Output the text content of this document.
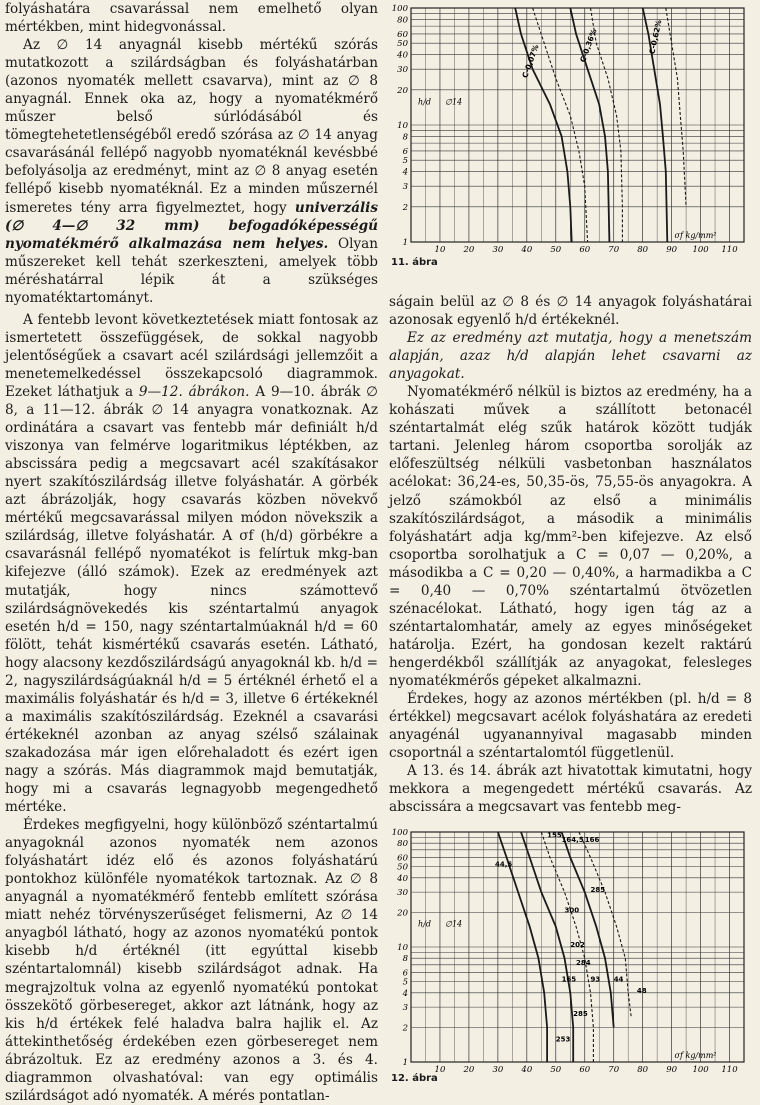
folyáshatára csavarással nem emelhető olyan mértékben, mint hidegvonással.

Az ∅ 14 anyagnál kisebb mértékű szórás mutatkozott a szilárdságban és folyáshatárban (azonos nyomaték mellett csavarva), mint az ∅ 8 anyagnál. Ennek oka az, hogy a nyomatékmérő műszer belső súrlódásából és tömegtehetetlenségéből eredő szórása az ∅ 14 anyag csavarásánál fellépő nagyobb nyomatéknál kevésbbé befolyásolja az eredményt, mint az ∅ 8 anyag esetén fellépő kisebb nyomatéknál. Ez a minden műszernél ismeretes tény arra figyelmeztet, hogy univerzális (∅ 4—∅ 32 mm) befogadóképességű nyomatékmérő alkalmazása nem helyes. Olyan műszereket kell tehát szerkeszteni, amelyek több méréshatárral lépik át a szükséges nyomatéktartományt.

A fentebb levont következtetések miatt fontosak az ismertetett összefüggések, de sokkal nagyobb jelentőségűek a csavart acél szilárdsági jellemzőit a menetemelkedéssel összekapcsoló diagrammok. Ezeket láthatjuk a 9—12. ábrákon. A 9—10. ábrák ∅ 8, a 11—12. ábrák ∅ 14 anyagra vonatkoznak. Az ordinátára a csavart vas fentebb már definiált h/d viszonya van felmérve logaritmikus léptékben, az abscissára pedig a megcsavart acél szakításakor nyert szakítószilárdság illetve folyáshatár. A görbék azt ábrázolják, hogy csavarás közben növekvő mértékű megcsavarással milyen módon növekszik a szilárdság, illetve folyáshatár. A σf (h/d) görbékre a csavarásnál fellépő nyomatékot is felírtuk mkg-ban kifejezve (álló számok). Ezek az eredmények azt mutatják, hogy nincs számottevő szilárdságnövekedés kis széntartalmú anyagok esetén h/d = 150, nagy széntartalmúaknál h/d = 60 fölött, tehát kismértékű csavarás esetén. Látható, hogy alacsony kezdőszilárdságú anyagoknál kb. h/d = 2, nagyszilárdságúaknál h/d = 5 értéknél érhető el a maximális folyáshatár és h/d = 3, illetve 6 értékeknél a maximális szakítószilárdság. Ezeknél a csavarási értékeknél azonban az anyag szélső szálainak szakadozása már igen előrehaladott és ezért igen nagy a szórás. Más diagrammok majd bemutatják, hogy mi a csavarás legnagyobb megengedhető mértéke.

Érdekes megfigyelni, hogy különböző széntartalmú anyagoknál azonos nyomaték nem azonos folyáshatárt idéz elő és azonos folyáshatárú pontokhoz különféle nyomatékok tartoznak. Az ∅ 8 anyagnál a nyomatékmérő fentebb említett szórása miatt nehéz törvényszerűséget felismerni, Az ∅ 14 anyagból látható, hogy az azonos nyomatékú pontok kisebb h/d értéknél (itt egyúttal kisebb széntartalomnál) kisebb szilárdságot adnak. Ha megrajzoltuk volna az egyenlő nyomatékú pontokat összekötő görbesereget, akkor azt látnánk, hogy az kis h/d értékek felé haladva balra hajlik el. Az áttekinthetőség érdekében ezen görbesereget nem ábrázoltuk. Ez az eredmény azonos a 3. és 4. diagrammon olvashatóval: van egy optimális szilárdságot adó nyomaték. A mérés pontatlan-

100
80
60
50
40
30
20
10
8
6
5
4
3
2
1
10 20 30 40 50 60 70 80 90 100 110
h/d ∅14
σf kg/mm²
C-0,07%	C-0,36%	C-0,62%
11. ábra

ságain belül az ∅ 8 és ∅ 14 anyagok folyáshatárai azonosak egyenlő h/d értékeknél.

Ez az eredmény azt mutatja, hogy a menetszám alapján, azaz h/d alapján lehet csavarni az anyagokat.

Nyomatékmérő nélkül is biztos az eredmény, ha a kohászati művek a szállított betonacél széntartalmát elég szűk határok között tudják tartani. Jelenleg három csoportba sorolják az előfeszültség nélküli vasbetonban használatos acélokat: 36,24-es, 50,35-ös, 75,55-ös anyagokra. A jelző számokból az első a minimális szakítószilárdságot, a második a minimális folyáshatárt adja kg/mm²-ben kifejezve. Az első csoportba sorolhatjuk a C = 0,07 — 0,20%, a másodikba a C = 0,20 — 0,40%, a harmadikba a C = 0,40 — 0,70% széntartalmú ötvözetlen szénacélokat. Látható, hogy igen tág az a széntartalomhatár, amely az egyes minőségeket határolja. Ezért, ha gondosan kezelt raktárú hengerdékből szállítják az anyagokat, felesleges nyomatékmérős gépeket alkalmazni.

Érdekes, hogy az azonos mértékben (pl. h/d = 8 értékkel) megcsavart acélok folyáshatára az eredeti anyagénál ugyanannyival magasabb minden csoportnál a széntartalomtól függetlenül.

A 13. és 14. ábrák azt hivatottak kimutatni, hogy mekkora a megengedett mértékű csavarás. Az abscissára a megcsavart vas fentebb meg-

100
80
60
50
40
30
20
10
8
6
5
4
3
2
1
10 20 30 40 50 60 70 80 90 100 110
h/d ∅14
σf kg/mm²
44,5
155
164,5 166
285
300
202
284
165 93 44
48
285
253
12. ábra
